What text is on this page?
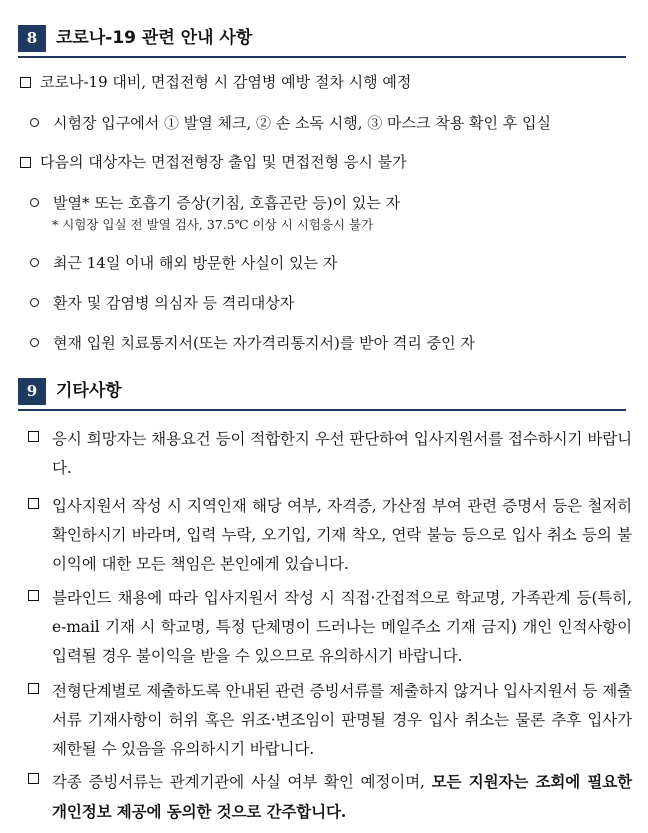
8	코로나-19 관련 안내 사항
코로나-19 대비, 면접전형 시 감염병 예방 절차 시행 예정
시험장 입구에서 ① 발열 체크, ② 손 소독 시행, ③ 마스크 착용 확인 후 입실
다음의 대상자는 면접전형장 출입 및 면접전형 응시 불가
발열* 또는 호흡기 증상(기침, 호흡곤란 등)이 있는 자
* 시험장 입실 전 발열 검사, 37.5℃ 이상 시 시험응시 불가
최근 14일 이내 해외 방문한 사실이 있는 자
환자 및 감염병 의심자 등 격리대상자
현재 입원 치료통지서(또는 자가격리통지서)를 받아 격리 중인 자
9	기타사항
응시 희망자는 채용요건 등이 적합한지 우선 판단하여 입사지원서를 접수하시기 바랍니다.
입사지원서 작성 시 지역인재 해당 여부, 자격증, 가산점 부여 관련 증명서 등은 철저히 확인하시기 바라며, 입력 누락, 오기입, 기재 착오, 연락 불능 등으로 입사 취소 등의 불이익에 대한 모든 책임은 본인에게 있습니다.
블라인드 채용에 따라 입사지원서 작성 시 직접·간접적으로 학교명, 가족관계 등(특히, e-mail 기재 시 학교명, 특정 단체명이 드러나는 메일주소 기재 금지) 개인 인적사항이 입력될 경우 불이익을 받을 수 있으므로 유의하시기 바랍니다.
전형단계별로 제출하도록 안내된 관련 증빙서류를 제출하지 않거나 입사지원서 등 제출서류 기재사항이 허위 혹은 위조·변조임이 판명될 경우 입사 취소는 물론 추후 입사가 제한될 수 있음을 유의하시기 바랍니다.
각종 증빙서류는 관계기관에 사실 여부 확인 예정이며, 모든 지원자는 조회에 필요한 개인정보 제공에 동의한 것으로 간주합니다.
